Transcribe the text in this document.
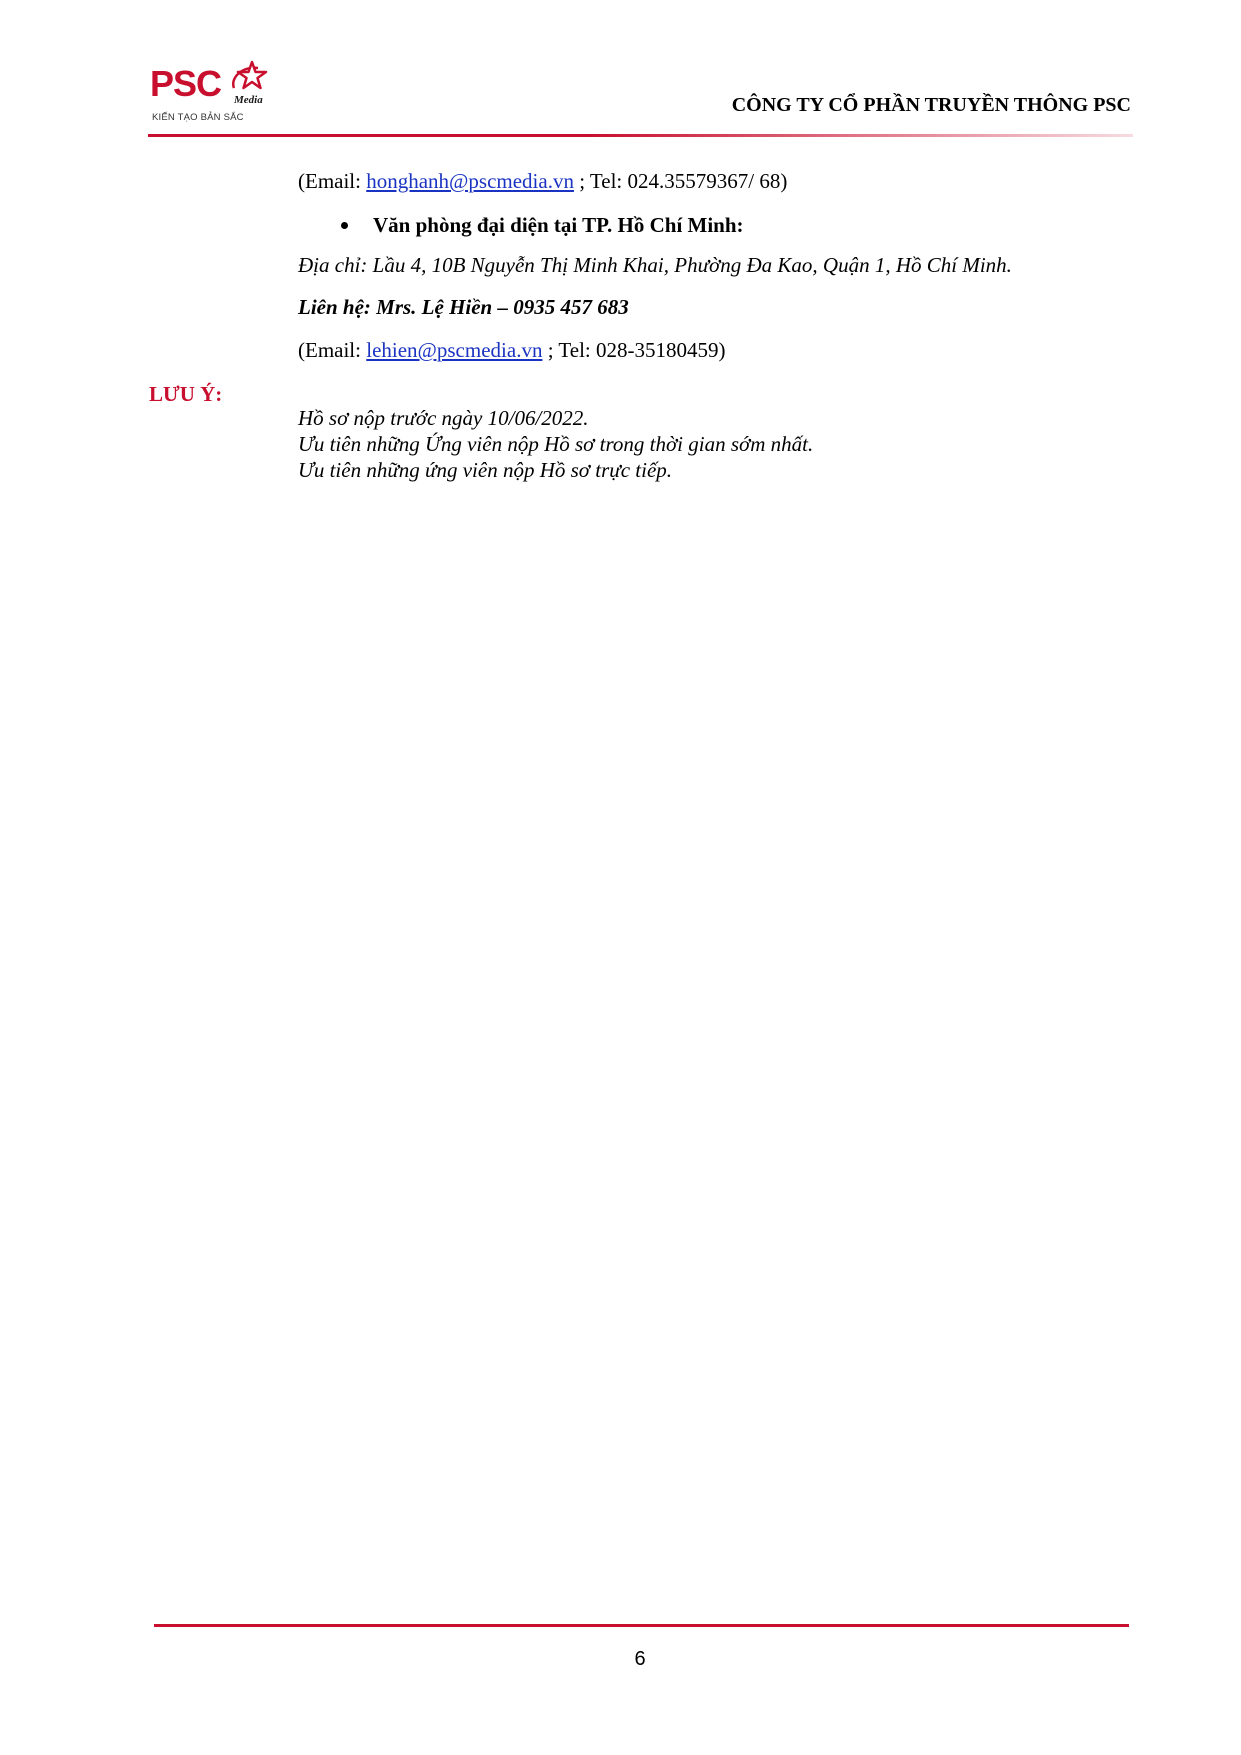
PSC Media
KIẾN TẠO BẢN SẮC
CÔNG TY CỔ PHẦN TRUYỀN THÔNG PSC
(Email: honghanh@pscmedia.vn ; Tel: 024.35579367/ 68)
Văn phòng đại diện tại TP. Hồ Chí Minh:
Địa chỉ: Lầu 4, 10B Nguyễn Thị Minh Khai, Phường Đa Kao, Quận 1, Hồ Chí Minh.
Liên hệ: Mrs. Lệ Hiền – 0935 457 683
(Email: lehien@pscmedia.vn ; Tel: 028-35180459)
LƯU Ý:
Hồ sơ nộp trước ngày 10/06/2022.
Ưu tiên những Ứng viên nộp Hồ sơ trong thời gian sớm nhất.
Ưu tiên những ứng viên nộp Hồ sơ trực tiếp.
6
